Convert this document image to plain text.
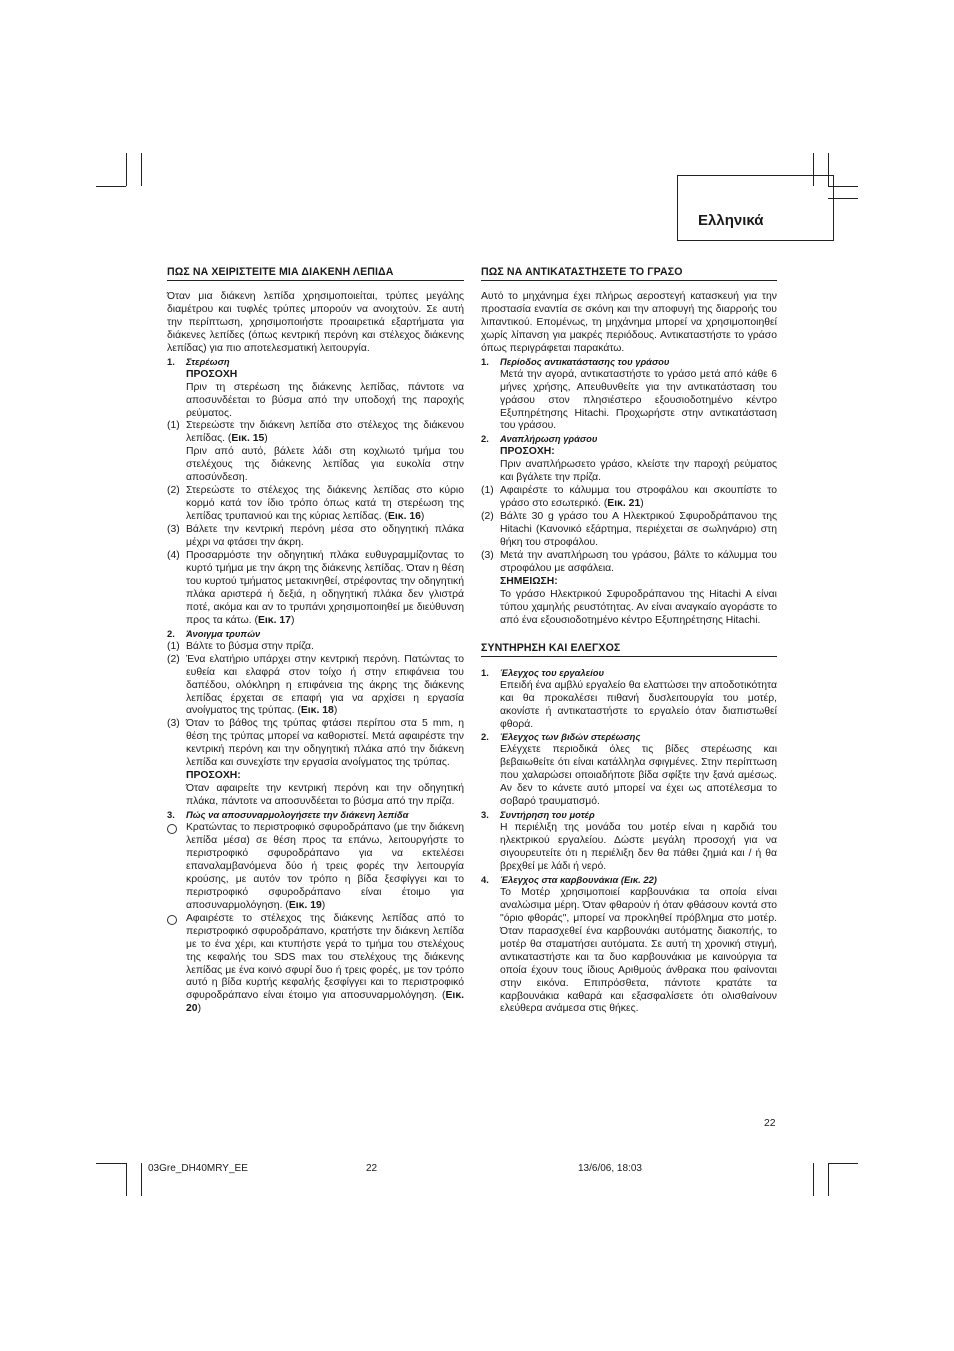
Ελληνικά
ΠΩΣ ΝΑ ΧΕΙΡΙΣΤΕΙΤΕ ΜΙΑ ΔΙΑΚΕΝΗ ΛΕΠΙΔΑ

Όταν μια διάκενη λεπίδα χρησιμοποιείται, τρύπες μεγάλης διαμέτρου και τυφλές τρύπες μπορούν να ανοιχτούν. Σε αυτή την περίπτωση, χρησιμοποιήστε προαιρετικά εξαρτήματα για διάκενες λεπίδες (όπως κεντρική περόνη και στέλεχος διάκενης λεπίδας) για πιο αποτελεσματική λειτουργία.

1.	Στερέωση
ΠΡΟΣΟΧΗ
Πριν τη στερέωση της διάκενης λεπίδας, πάντοτε να αποσυνδέεται το βύσμα από την υποδοχή της παροχής ρεύματος.
(1) Στερεώστε την διάκενη λεπίδα στο στέλεχος της διάκενου λεπίδας. (Εικ. 15)
Πριν από αυτό, βάλετε λάδι στη κοχλιωτό τμήμα του στελέχους της διάκενης λεπίδας για ευκολία στην αποσύνδεση.
(2) Στερεώστε το στέλεχος της διάκενης λεπίδας στο κύριο κορμό κατά τον ίδιο τρόπο όπως κατά τη στερέωση της λεπίδας τρυπανιού και της κύριας λεπίδας. (Εικ. 16)
(3) Βάλετε την κεντρική περόνη μέσα στο οδηγητική πλάκα μέχρι να φτάσει την άκρη.
(4) Προσαρμόστε την οδηγητική πλάκα ευθυγραμμίζοντας το κυρτό τμήμα με την άκρη της διάκενης λεπίδας. Όταν η θέση του κυρτού τμήματος μετακινηθεί, στρέφοντας την οδηγητική πλάκα αριστερά ή δεξιά, η οδηγητική πλάκα δεν γλιστρά ποτέ, ακόμα και αν το τρυπάνι χρησιμοποιηθεί με διεύθυνση προς τα κάτω. (Εικ. 17)
2.	Άνοιγμα τρυπών
(1) Βάλτε το βύσμα στην πρίζα.
(2) Ένα ελατήριο υπάρχει στην κεντρική περόνη. Πατώντας το ευθεία και ελαφρά στον τοίχο ή στην επιφάνεια του δαπέδου, ολόκληρη η επιφάνεια της άκρης της διάκενης λεπίδας έρχεται σε επαφή για να αρχίσει η εργασία ανοίγματος της τρύπας. (Εικ. 18)
(3) Όταν το βάθος της τρύπας φτάσει περίπου στα 5 mm, η θέση της τρύπας μπορεί να καθοριστεί. Μετά αφαιρέστε την κεντρική περόνη και την οδηγητική πλάκα από την διάκενη λεπίδα και συνεχίστε την εργασία ανοίγματος της τρύπας.
ΠΡΟΣΟΧΗ:
Όταν αφαιρείτε την κεντρική περόνη και την οδηγητική πλάκα, πάντοτε να αποσυνδέεται το βύσμα από την πρίζα.
3.	Πώς να αποσυναρμολογήσετε την διάκενη λεπίδα
Κρατώντας το περιστροφικό σφυροδράπανο (με την διάκενη λεπίδα μέσα) σε θέση προς τα επάνω, λειτουργήστε το περιστροφικό σφυροδράπανο για να εκτελέσει επαναλαμβανόμενα δύο ή τρεις φορές την λειτουργία κρούσης, με αυτόν τον τρόπο η βίδα ξεσφίγγει και το περιστροφικό σφυροδράπανο είναι έτοιμο για αποσυναρμολόγηση. (Εικ. 19)
Αφαιρέστε το στέλεχος της διάκενης λεπίδας από το περιστροφικό σφυροδράπανο, κρατήστε την διάκενη λεπίδα με το ένα χέρι, και κτυπήστε γερά το τμήμα του στελέχους της κεφαλής του SDS max του στελέχους της διάκενης λεπίδας με ένα κοινό σφυρί δυο ή τρεις φορές, με τον τρόπο αυτό η βίδα κυρτής κεφαλής ξεσφίγγει και το περιστροφικό σφυροδράπανο είναι έτοιμο για αποσυναρμολόγηση. (Εικ. 20)
ΠΩΣ ΝΑ ΑΝΤΙΚΑΤΑΣΤΗΣΕΤΕ ΤΟ ΓΡΑΣΟ

Αυτό το μηχάνημα έχει πλήρως αεροστεγή κατασκευή για την προστασία εναντία σε σκόνη και την αποφυγή της διαρροής του λιπαντικού. Επομένως, τη μηχάνημα μπορεί να χρησιμοποιηθεί χωρίς λίπανση για μακρές περιόδους. Αντικαταστήστε το γράσο όπως περιγράφεται παρακάτω.

1.	Περίοδος αντικατάστασης του γράσου
Μετά την αγορά, αντικαταστήστε το γράσο μετά από κάθε 6 μήνες χρήσης, Απευθυνθείτε για την αντικατάσταση του γράσου στον πλησιέστερο εξουσιοδοτημένο κέντρο Εξυπηρέτησης Hitachi. Προχωρήστε στην αντικατάσταση του γράσου.
2.	Αναπλήρωση γράσου
ΠΡΟΣΟΧΗ:
Πριν αναπλήρωσετο γράσο, κλείστε την παροχή ρεύματος και βγάλετε την πρίζα.
(1) Αφαιρέστε το κάλυμμα του στροφάλου και σκουπίστε το γράσο στο εσωτερικό. (Εικ. 21)
(2) Βάλτε 30 g γράσο του Α Ηλεκτρικού Σφυροδράπανου της Hitachi (Κανονικό εξάρτημα, περιέχεται σε σωληνάριο) στη θήκη του στροφάλου.
(3) Μετά την αναπλήρωση του γράσου, βάλτε το κάλυμμα του στροφάλου με ασφάλεια.
ΣΗΜΕΙΩΣΗ:
Το γράσο Ηλεκτρικού Σφυροδράπανου της Hitachi A είναι τύπου χαμηλής ρευστότητας. Αν είναι αναγκαίο αγοράστε το από ένα εξουσιοδοτημένο κέντρο Εξυπηρέτησης Hitachi.
ΣΥΝΤΗΡΗΣΗ ΚΑΙ ΕΛΕΓΧΟΣ
1.	Έλεγχος του εργαλείου
Επειδή ένα αμβλύ εργαλείο θα ελαττώσει την αποδοτικότητα και θα προκαλέσει πιθανή δυσλειτουργία του μοτέρ, ακονίστε ή αντικαταστήστε το εργαλείο όταν διαπιστωθεί φθορά.
2.	Έλεγχος των βιδών στερέωσης
Ελέγχετε περιοδικά όλες τις βίδες στερέωσης και βεβαιωθείτε ότι είναι κατάλληλα σφιγμένες. Στην περίπτωση που χαλαρώσει οποιαδήποτε βίδα σφίξτε την ξανά αμέσως. Αν δεν το κάνετε αυτό μπορεί να έχει ως αποτέλεσμα το σοβαρό τραυματισμό.
3.	Συντήρηση του μοτέρ
Η περιέλιξη της μονάδα του μοτέρ είναι η καρδιά του ηλεκτρικού εργαλείου. Δώστε μεγάλη προσοχή για να σιγουρευτείτε ότι η περιέλιξη δεν θα πάθει ζημιά και / ή θα βρεχθεί με λάδι ή νερό.
4.	Έλεγχος στα καρβουνάκια (Εικ. 22)
Το Μοτέρ χρησιμοποιεί καρβουνάκια τα οποία είναι αναλώσιμα μέρη. Όταν φθαρούν ή όταν φθάσουν κοντά στο "όριο φθοράς", μπορεί να προκληθεί πρόβλημα στο μοτέρ. Όταν παρασχεθεί ένα καρβουνάκι αυτόματης διακοπής, το μοτέρ θα σταματήσει αυτόματα. Σε αυτή τη χρονική στιγμή, αντικαταστήστε και τα δυο καρβουνάκια με καινούργια τα οποία έχουν τους ίδιους Αριθμούς άνθρακα που φαίνονται στην εικόνα. Επιπρόσθετα, πάντοτε κρατάτε τα καρβουνάκια καθαρά και εξασφαλίσετε ότι ολισθαίνουν ελεύθερα ανάμεσα στις θήκες.
22
03Gre_DH40MRY_EE	22	13/6/06, 18:03
